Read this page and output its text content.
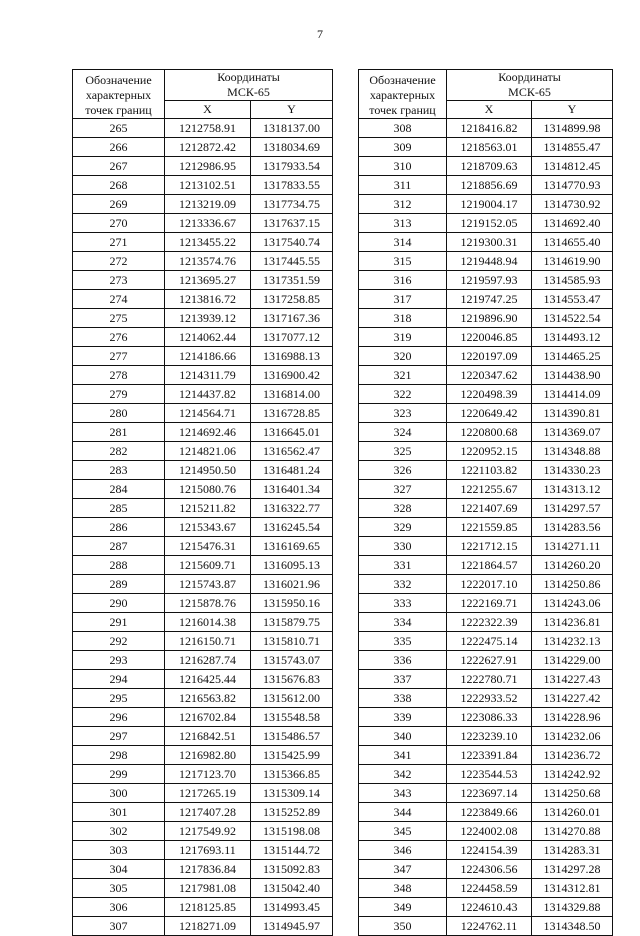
7
Обозначение
характерных
точек границ	Координаты
МСК-65	
	X	Y
265	1212758.91	1318137.00
266	1212872.42	1318034.69
267	1212986.95	1317933.54
268	1213102.51	1317833.55
269	1213219.09	1317734.75
270	1213336.67	1317637.15
271	1213455.22	1317540.74
272	1213574.76	1317445.55
273	1213695.27	1317351.59
274	1213816.72	1317258.85
275	1213939.12	1317167.36
276	1214062.44	1317077.12
277	1214186.66	1316988.13
278	1214311.79	1316900.42
279	1214437.82	1316814.00
280	1214564.71	1316728.85
281	1214692.46	1316645.01
282	1214821.06	1316562.47
283	1214950.50	1316481.24
284	1215080.76	1316401.34
285	1215211.82	1316322.77
286	1215343.67	1316245.54
287	1215476.31	1316169.65
288	1215609.71	1316095.13
289	1215743.87	1316021.96
290	1215878.76	1315950.16
291	1216014.38	1315879.75
292	1216150.71	1315810.71
293	1216287.74	1315743.07
294	1216425.44	1315676.83
295	1216563.82	1315612.00
296	1216702.84	1315548.58
297	1216842.51	1315486.57
298	1216982.80	1315425.99
299	1217123.70	1315366.85
300	1217265.19	1315309.14
301	1217407.28	1315252.89
302	1217549.92	1315198.08
303	1217693.11	1315144.72
304	1217836.84	1315092.83
305	1217981.08	1315042.40
306	1218125.85	1314993.45
307	1218271.09	1314945.97
Обозначение
характерных
точек границ	Координаты
МСК-65	
	X	Y
308	1218416.82	1314899.98
309	1218563.01	1314855.47
310	1218709.63	1314812.45
311	1218856.69	1314770.93
312	1219004.17	1314730.92
313	1219152.05	1314692.40
314	1219300.31	1314655.40
315	1219448.94	1314619.90
316	1219597.93	1314585.93
317	1219747.25	1314553.47
318	1219896.90	1314522.54
319	1220046.85	1314493.12
320	1220197.09	1314465.25
321	1220347.62	1314438.90
322	1220498.39	1314414.09
323	1220649.42	1314390.81
324	1220800.68	1314369.07
325	1220952.15	1314348.88
326	1221103.82	1314330.23
327	1221255.67	1314313.12
328	1221407.69	1314297.57
329	1221559.85	1314283.56
330	1221712.15	1314271.11
331	1221864.57	1314260.20
332	1222017.10	1314250.86
333	1222169.71	1314243.06
334	1222322.39	1314236.81
335	1222475.14	1314232.13
336	1222627.91	1314229.00
337	1222780.71	1314227.43
338	1222933.52	1314227.42
339	1223086.33	1314228.96
340	1223239.10	1314232.06
341	1223391.84	1314236.72
342	1223544.53	1314242.92
343	1223697.14	1314250.68
344	1223849.66	1314260.01
345	1224002.08	1314270.88
346	1224154.39	1314283.31
347	1224306.56	1314297.28
348	1224458.59	1314312.81
349	1224610.43	1314329.88
350	1224762.11	1314348.50
